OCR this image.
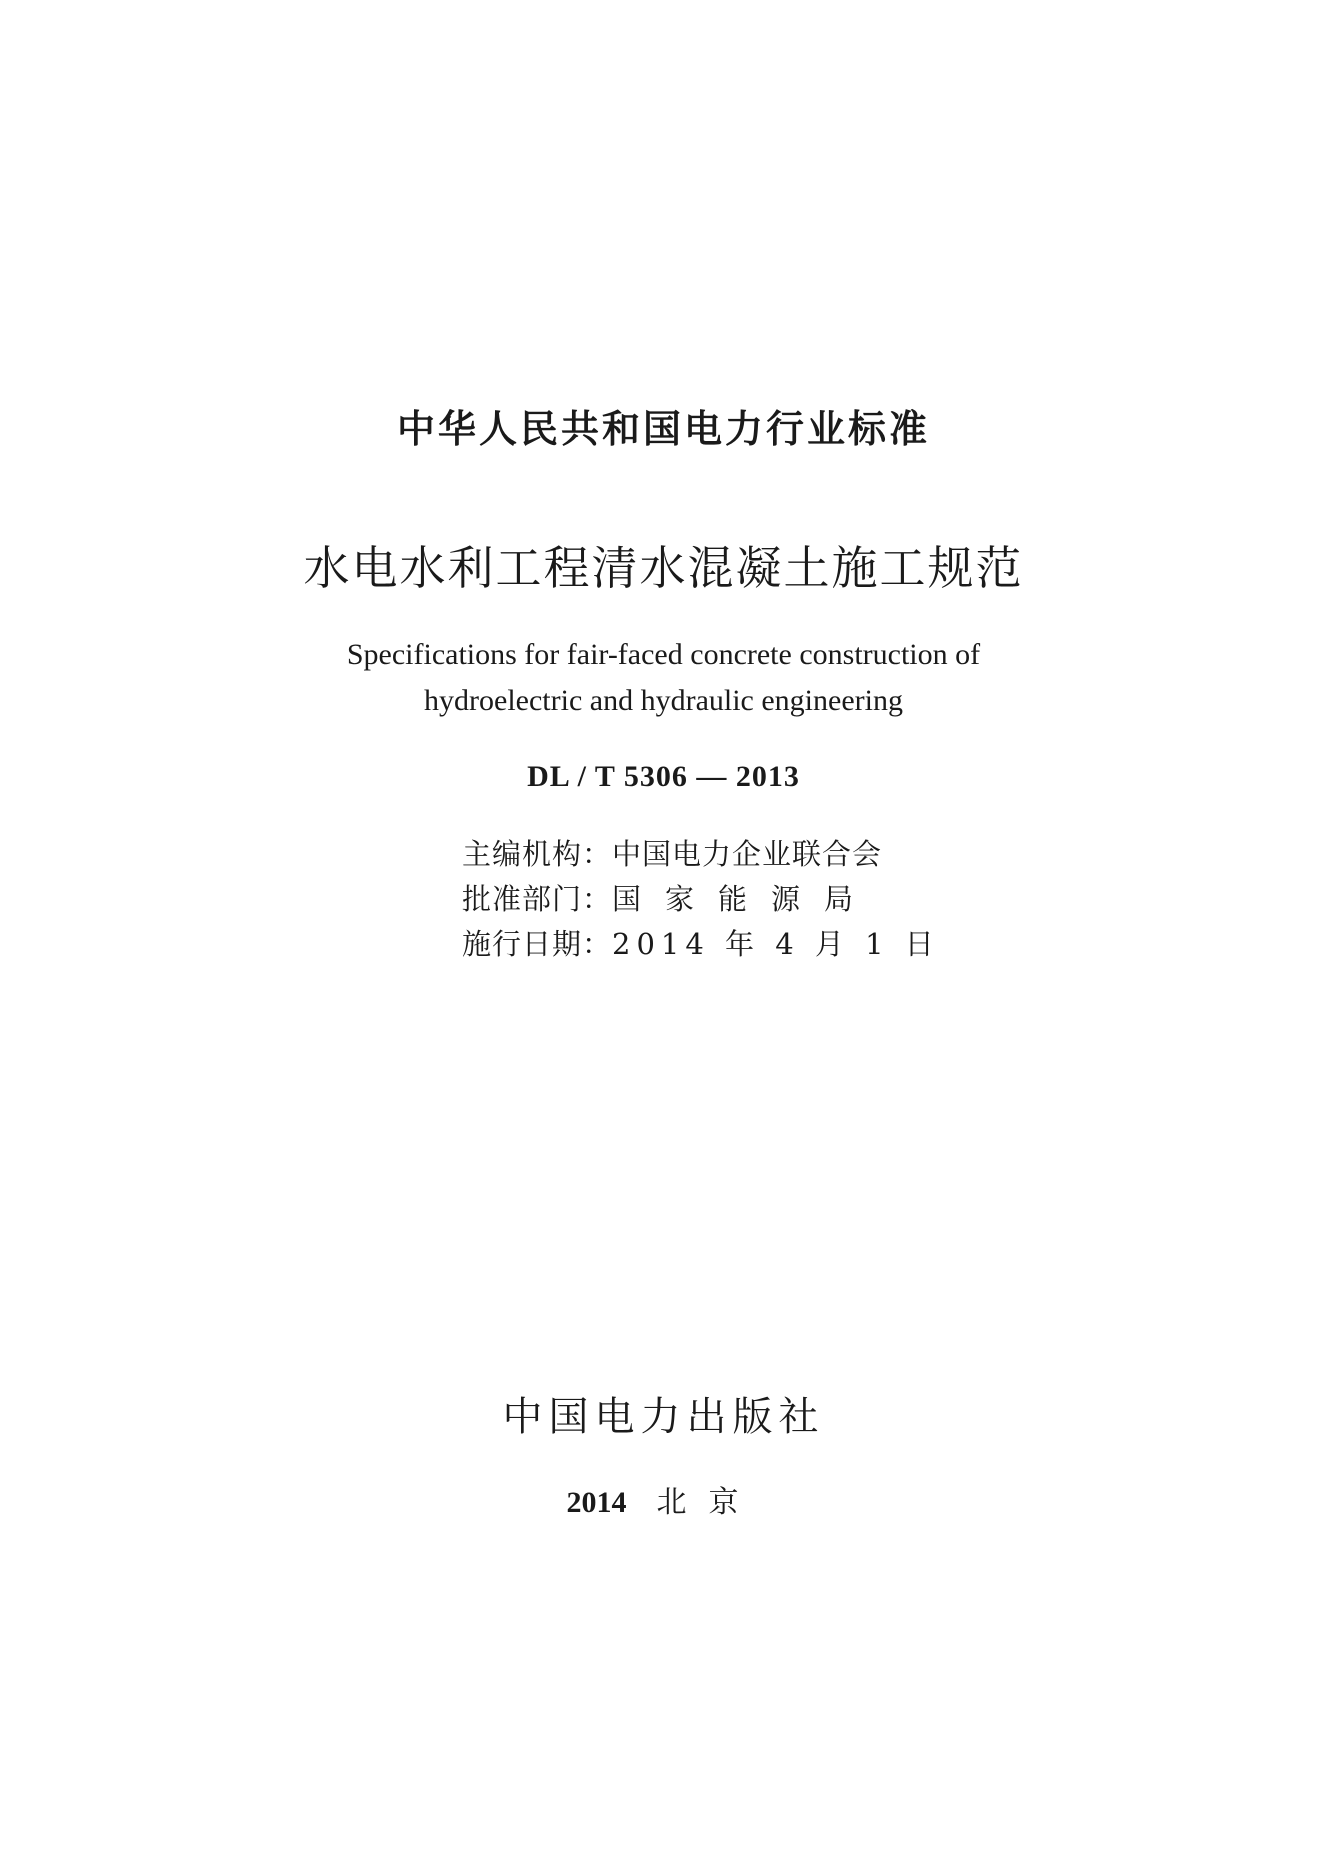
中华人民共和国电力行业标准
水电水利工程清水混凝土施工规范
Specifications for fair-faced concrete construction of
hydroelectric and hydraulic engineering
DL / T 5306 — 2013
主编机构：中国电力企业联合会
批准部门：国家能源局
施行日期：2014 年 4 月 1 日
中国电力出版社
2014 北京
